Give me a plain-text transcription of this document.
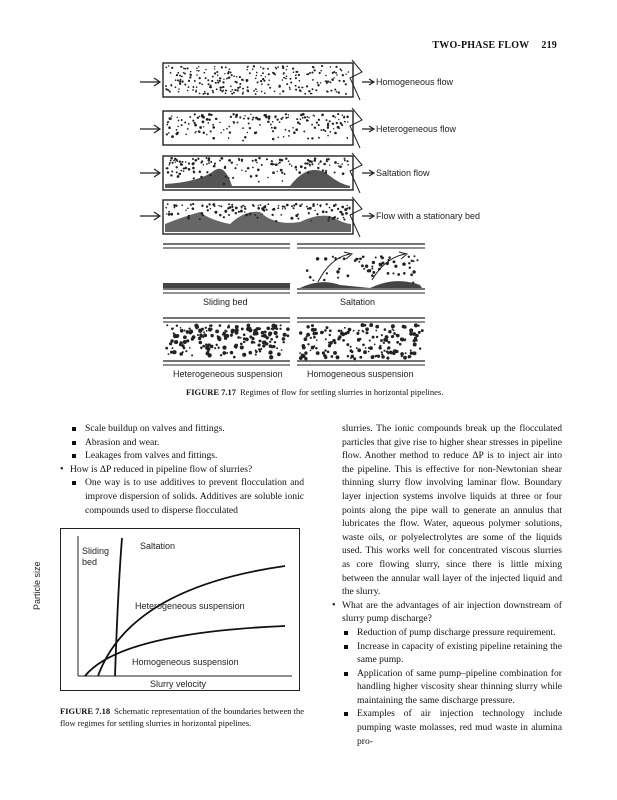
TWO-PHASE FLOW 219
Homogeneous flow
Heterogeneous flow
Saltation flow
Flow with a stationary bed
Sliding bed	Saltation
Heterogeneous suspension	Homogeneous suspension
FIGURE 7.17 Regimes of flow for settling slurries in horizontal pipelines.
Scale buildup on valves and fittings.
Abrasion and wear.
Leakages from valves and fittings.
• How is ΔP reduced in pipeline flow of slurries?
One way is to use additives to prevent flocculation and improve dispersion of solids. Additives are soluble ionic compounds used to disperse flocculated
Sliding bed
Saltation
Heterogeneous suspension
Homogeneous suspension
Slurry velocity
Particle size
FIGURE 7.18 Schematic representation of the boundaries between the flow regimes for settling slurries in horizontal pipelines.
slurries. The ionic compounds break up the flocculated particles that give rise to higher shear stresses in pipeline flow. Another method to reduce ΔP is to inject air into the pipeline. This is effective for non-Newtonian shear thinning slurry flow involving laminar flow. Boundary layer injection systems involve liquids at three or four points along the pipe wall to generate an annulus that lubricates the flow. Water, aqueous polymer solutions, waste oils, or polyelectrolytes are some of the liquids used. This works well for concentrated viscous slurries as core flowing slurry, since there is little mixing between the annular wall layer of the injected liquid and the slurry.
• What are the advantages of air injection downstream of slurry pump discharge?
Reduction of pump discharge pressure requirement.
Increase in capacity of existing pipeline retaining the same pump.
Application of same pump–pipeline combination for handling higher viscosity shear thinning slurry while maintaining the same discharge pressure.
Examples of air injection technology include pumping waste molasses, red mud waste in alumina pro-
